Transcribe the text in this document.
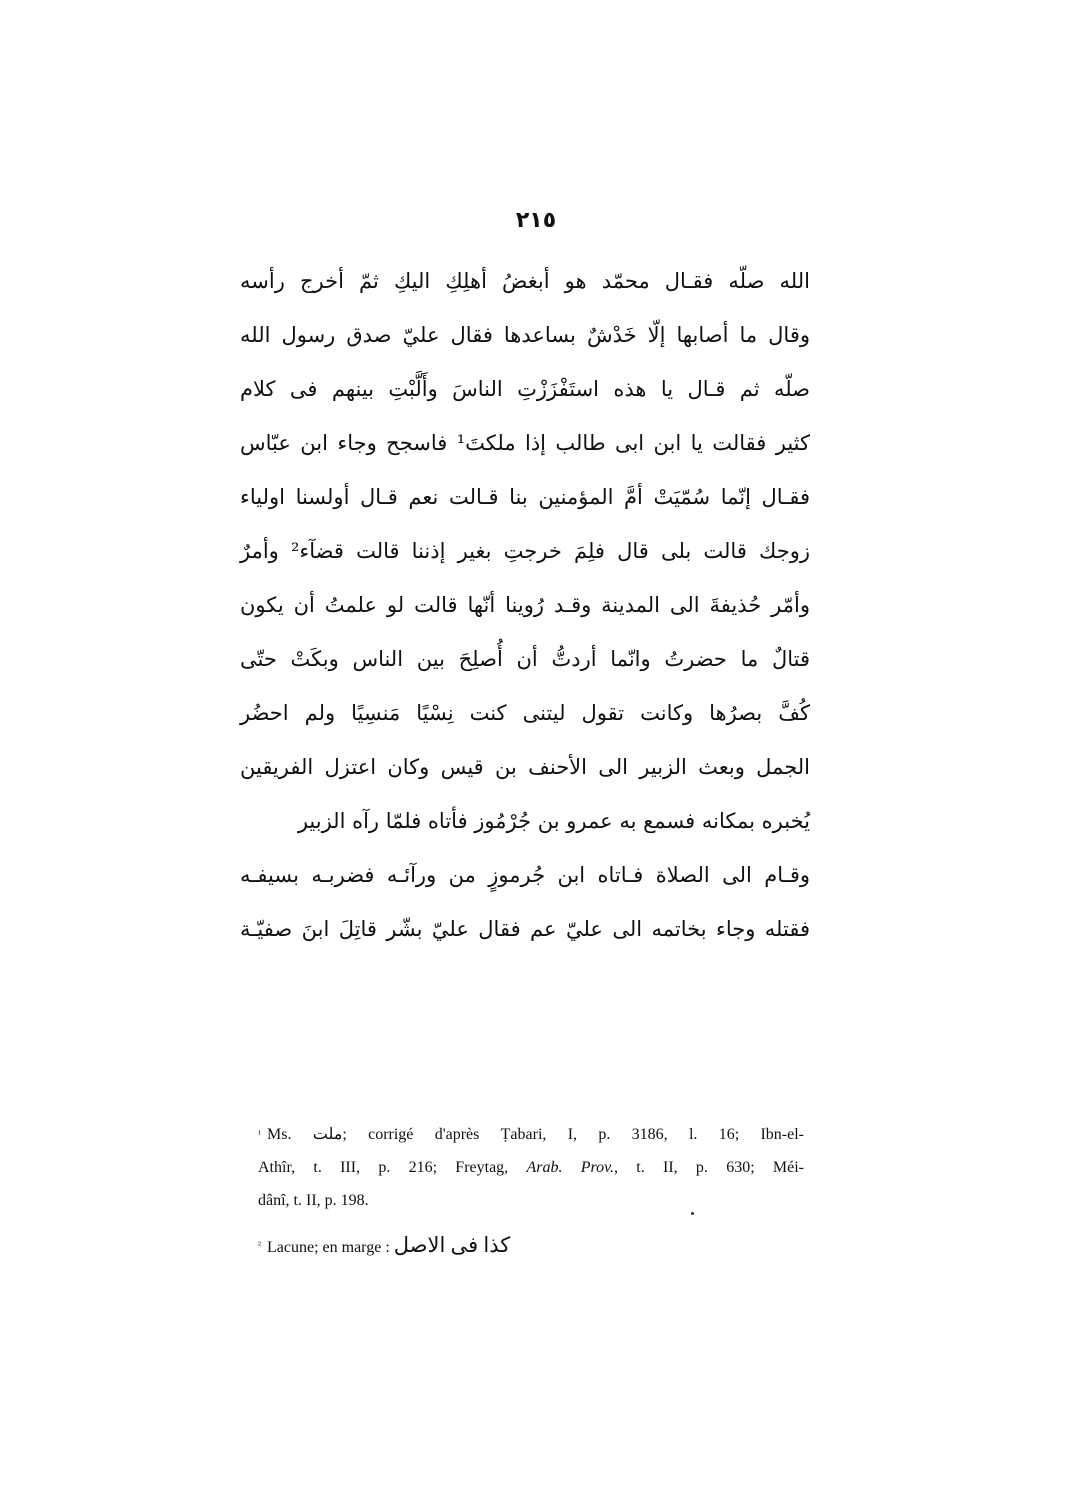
٢١٥
الله صلّه فقـال محمّد هو أبغضُ أهلِكِ اليكِ ثمّ أخرج رأسه
وقال ما أصابها إلّا خَدْشٌ بساعدها فقال عليّ صدق رسول الله
صلّه ثم قـال يا هذه استَفْزَزْتِ الناسَ وأَلَّبْتِ بينهم فى كلام
كثير فقالت يا ابن ابى طالب إذا ملكتَ¹ فاسجح وجاء ابن عبّاس
فقـال إنّما سُمّيَتْ أمَّ المؤمنين بنا قـالت نعم قـال أولسنا اولياء
زوجك قالت بلى قال فلِمَ خرجتِ بغير إذننا قالت قضآء² وأمرٌ
وأمّر حُذيفةَ الى المدينة وقـد رُوينا أنّها قالت لو علمتُ أن يكون
قتالٌ ما حضرتُ وانّما أردتُّ أن أُصلِحَ بين الناس وبكَتْ حتّى
كُفَّ بصرُها وكانت تقول ليتنى كنت نِسْيًا مَنسِيًا ولم احضُر
الجمل وبعث الزبير الى الأحنف بن قيس وكان اعتزل الفريقين
يُخبره بمكانه فسمع به عمرو بن جُرْمُوز فأتاه فلمّا رآه الزبير
وقـام الى الصلاة فـاتاه ابن جُرموزٍ من ورآئـه فضربـه بسيفـه
فقتله وجاء بخاتمه الى عليّ عم فقال عليّ بشّر قاتِلَ ابنَ صفيّـة
$^{^1}$ Ms. ملت; corrigé d'après Ṭabari, I, p. 3186, l. 16; Ibn-el-
Athîr, t. III, p. 216; Freytag, Arab. Prov., t. II, p. 630; Méi-
dânî, t. II, p. 198.
$^{^2}$ Lacune; en marge : كذا فى الاصل
